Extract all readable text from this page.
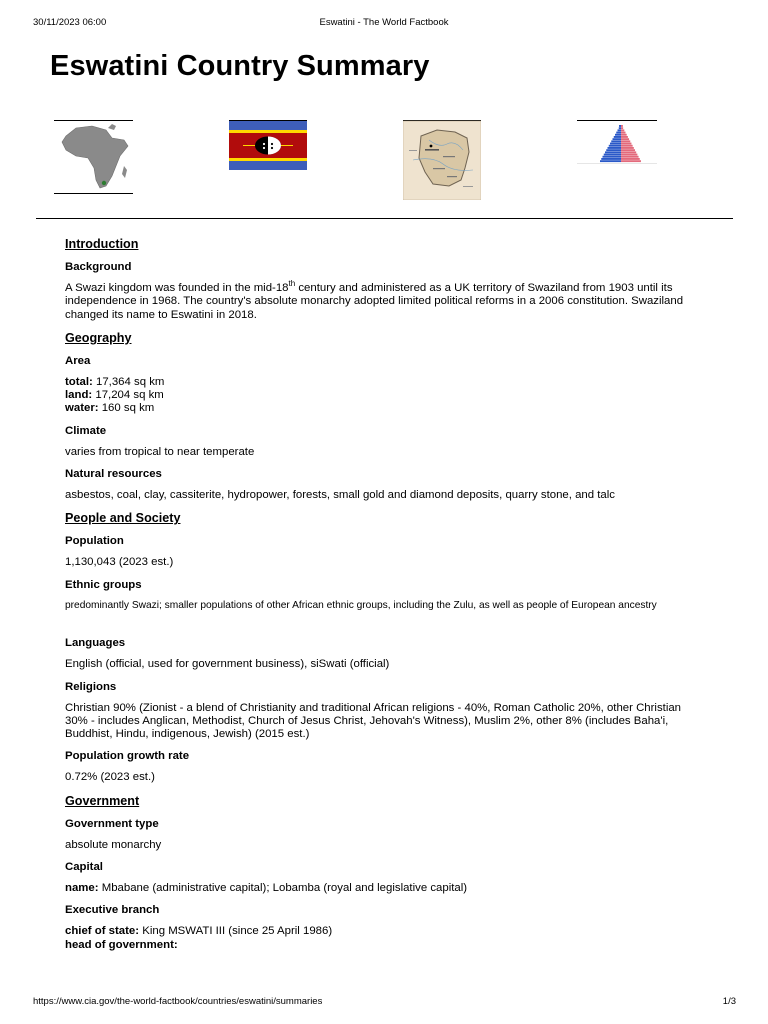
30/11/2023 06:00	Eswatini - The World Factbook
Eswatini Country Summary
Introduction
Background
A Swazi kingdom was founded in the mid-18th century and administered as a UK territory of Swaziland from 1903 until its independence in 1968. The country's absolute monarchy adopted limited political reforms in a 2006 constitution. Swaziland changed its name to Eswatini in 2018.
Geography
Area
total: 17,364 sq km
land: 17,204 sq km
water: 160 sq km
Climate
varies from tropical to near temperate
Natural resources
asbestos, coal, clay, cassiterite, hydropower, forests, small gold and diamond deposits, quarry stone, and talc
People and Society
Population
1,130,043 (2023 est.)
Ethnic groups
predominantly Swazi; smaller populations of other African ethnic groups, including the Zulu, as well as people of European ancestry
Languages
English (official, used for government business), siSwati (official)
Religions
Christian 90% (Zionist - a blend of Christianity and traditional African religions - 40%, Roman Catholic 20%, other Christian 30% - includes Anglican, Methodist, Church of Jesus Christ, Jehovah's Witness), Muslim 2%, other 8% (includes Baha'i, Buddhist, Hindu, indigenous, Jewish) (2015 est.)
Population growth rate
0.72% (2023 est.)
Government
Government type
absolute monarchy
Capital
name: Mbabane (administrative capital); Lobamba (royal and legislative capital)
Executive branch
chief of state: King MSWATI III (since 25 April 1986)
head of government:
https://www.cia.gov/the-world-factbook/countries/eswatini/summaries	1/3
